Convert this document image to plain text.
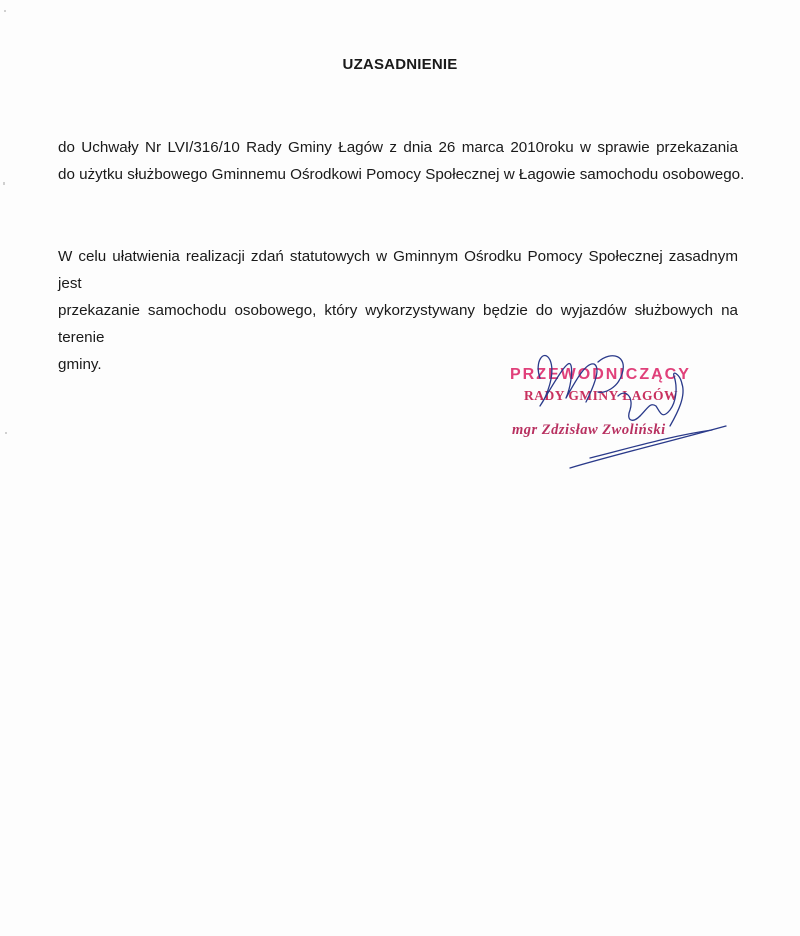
UZASADNIENIE
do Uchwały Nr LVI/316/10 Rady Gminy Łagów z dnia 26 marca 2010roku w sprawie przekazania
do użytku służbowego Gminnemu Ośrodkowi Pomocy Społecznej w Łagowie samochodu osobowego.
W celu ułatwienia realizacji zdań statutowych w Gminnym Ośrodku Pomocy Społecznej zasadnym jest
przekazanie samochodu osobowego, który wykorzystywany będzie do wyjazdów służbowych na terenie
gminy.
PRZEWODNICZĄCY
RADY GMINY ŁAGÓW
mgr Zdzisław Zwoliński
